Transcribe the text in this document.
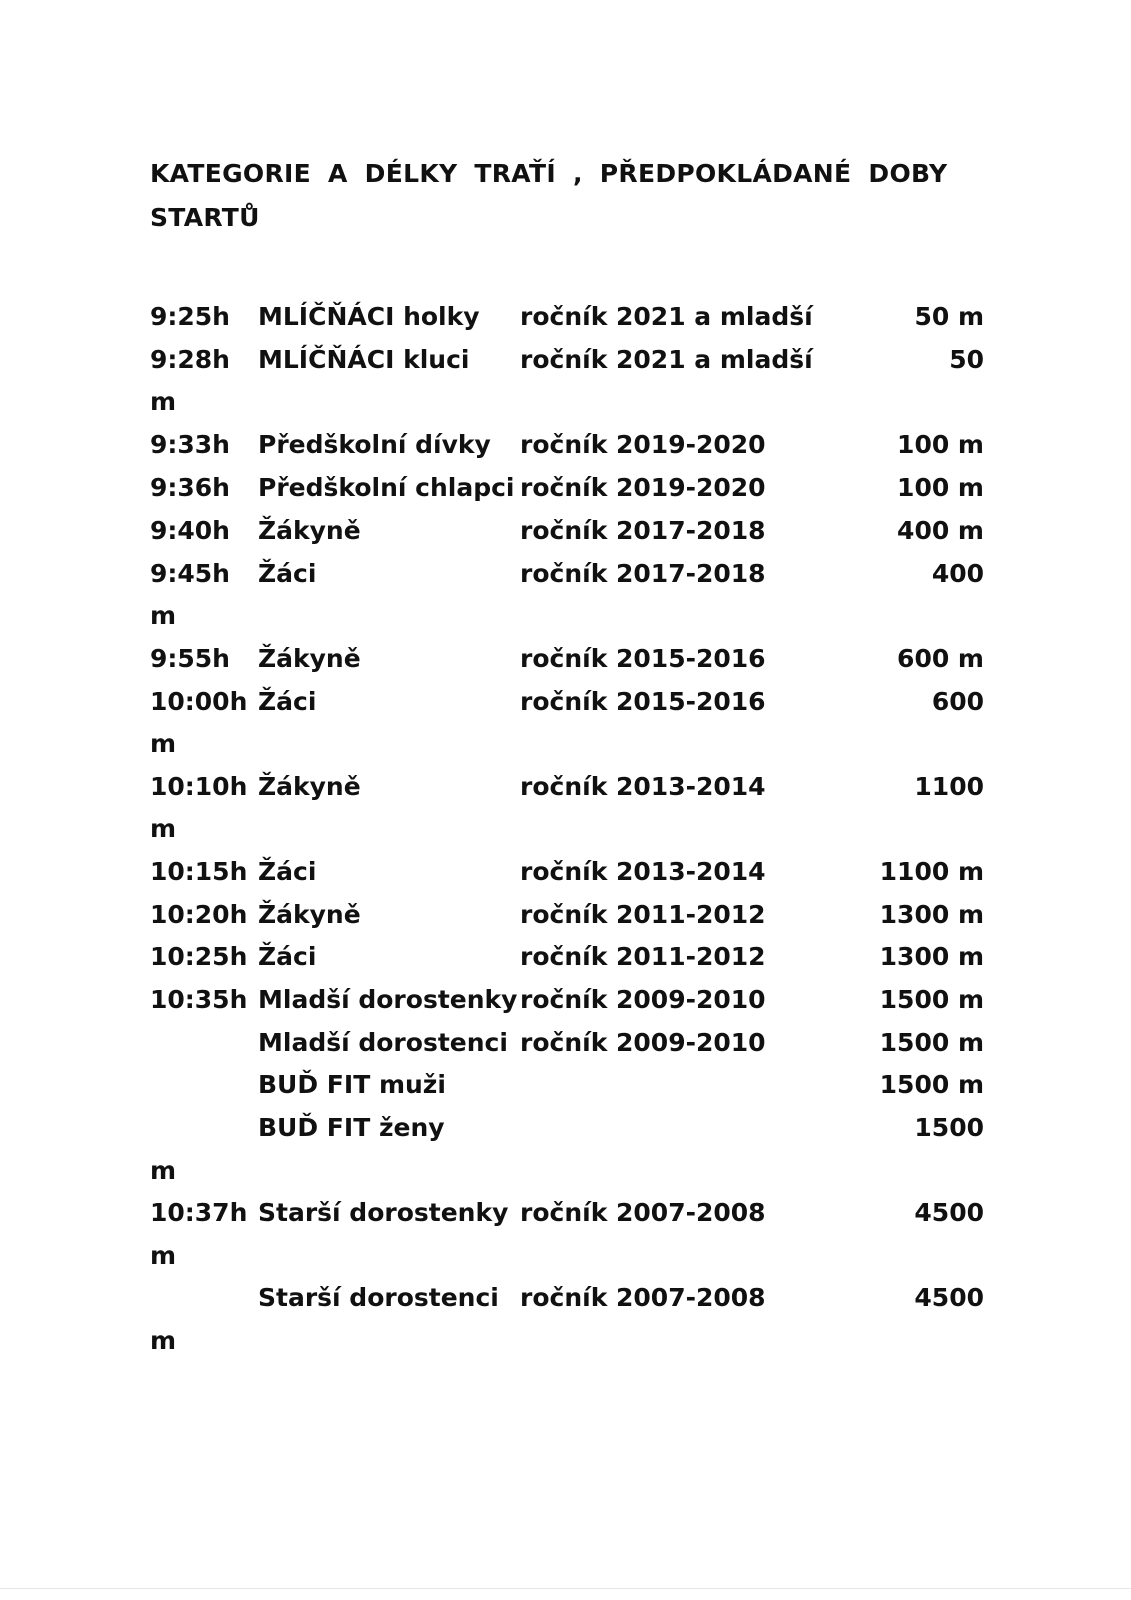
KATEGORIE A DÉLKY TRAŤÍ , PŘEDPOKLÁDANÉ DOBY STARTŮ
9:25h MLÍČŇÁCI holky ročník 2021 a mladší	50 m
9:28h MLÍČŇÁCI kluci ročník 2021 a mladší	50
m
9:33h Předškolní dívky ročník 2019-2020	100 m
9:36h Předškolní chlapci ročník 2019-2020	100 m
9:40h Žákyně	ročník 2017-2018	400 m
9:45h Žáci	ročník 2017-2018	400
m
9:55h Žákyně	ročník 2015-2016	600 m
10:00h Žáci	ročník 2015-2016	600
m
10:10h Žákyně	ročník 2013-2014	1100
m
10:15h Žáci	ročník 2013-2014	1100 m
10:20h Žákyně	ročník 2011-2012	1300 m
10:25h Žáci	ročník 2011-2012	1300 m
10:35h Mladší dorostenky ročník 2009-2010	1500 m
Mladší dorostenci ročník 2009-2010	1500 m
BUĎ FIT muži	1500 m
BUĎ FIT ženy	1500
m
10:37h Starší dorostenky ročník 2007-2008	4500
m
Starší dorostenci ročník 2007-2008	4500
m
